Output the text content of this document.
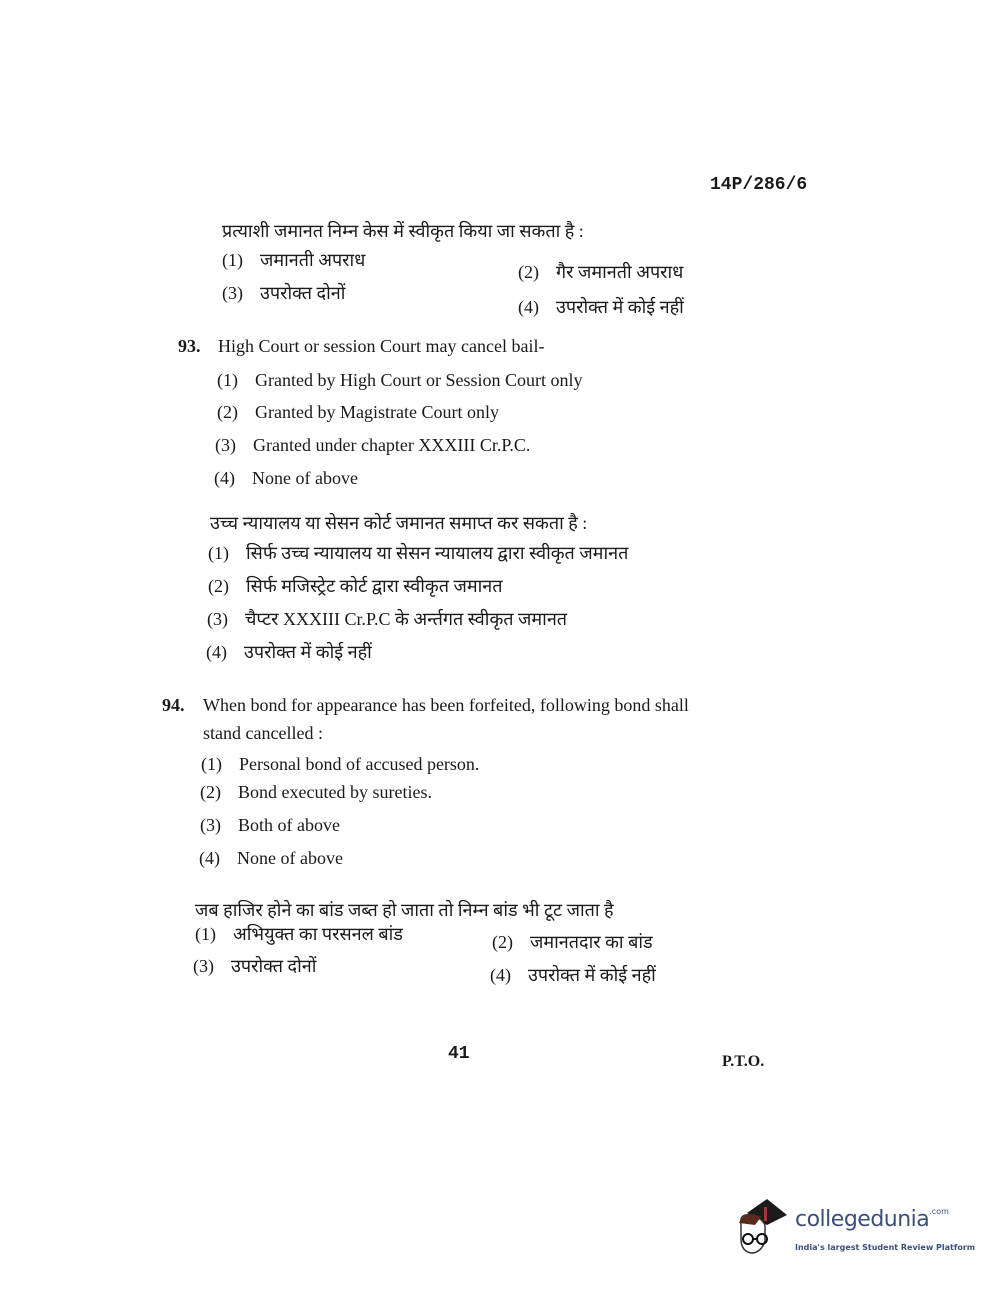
14P/286/6
प्रत्याशी जमानत निम्न केस में स्वीकृत किया जा सकता है :
(1) जमानती अपराध
(2) गैर जमानती अपराध
(3) उपरोक्त दोनों
(4) उपरोक्त में कोई नहीं
93. High Court or session Court may cancel bail-
(1) Granted by High Court or Session Court only
(2) Granted by Magistrate Court only
(3) Granted under chapter XXXIII Cr.P.C.
(4) None of above
उच्च न्यायालय या सेसन कोर्ट जमानत समाप्त कर सकता है :
(1) सिर्फ उच्च न्यायालय या सेसन न्यायालय द्वारा स्वीकृत जमानत
(2) सिर्फ मजिस्ट्रेट कोर्ट द्वारा स्वीकृत जमानत
(3) चैप्टर XXXIII Cr.P.C के अर्न्तगत स्वीकृत जमानत
(4) उपरोक्त में कोई नहीं
94. When bond for appearance has been forfeited, following bond shall
stand cancelled :
(1) Personal bond of accused person.
(2) Bond executed by sureties.
(3) Both of above
(4) None of above
जब हाजिर होने का बांड जब्त हो जाता तो निम्न बांड भी टूट जाता है
(1) अभियुक्त का परसनल बांड	(2) जमानतदार का बांड
(3) उपरोक्त दोनों	(4) उपरोक्त में कोई नहीं
41	P.T.O.
collegedunia$^{.com}$
India's largest Student Review Platform
